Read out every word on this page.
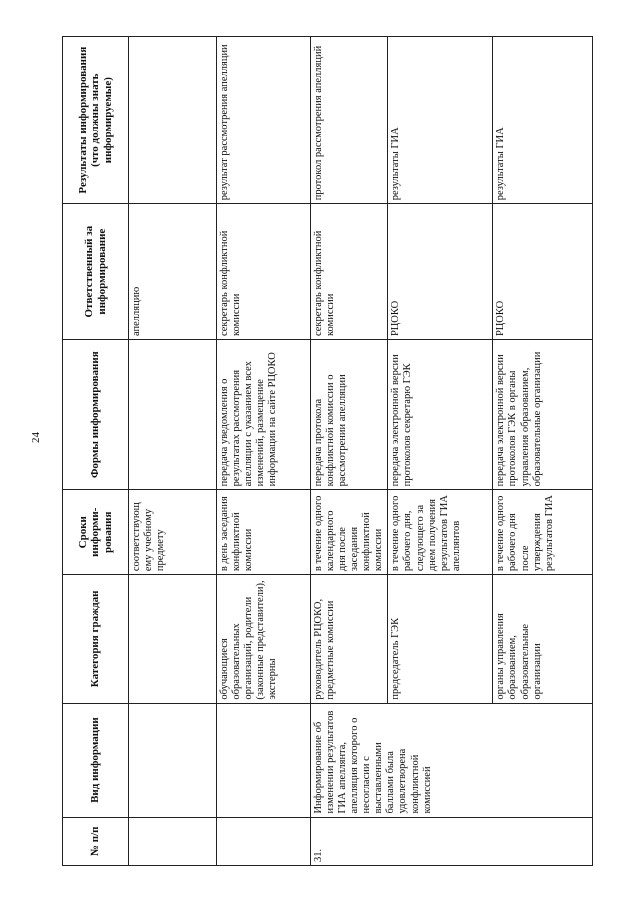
24
№ п/п	Вид информации	Категория граждан	Сроки информи-рования	Формы информирования	Ответственный за информирование	Результаты информирования (что должны знать информируемые)
			соответствующ ему учебному предмету		апелляцию	
		обучающиеся образовательных организаций, родители (законные представители), экстерны	в день заседания конфликтной комиссии	передача уведомления о результатах рассмотрения апелляции с указанием всех изменений, размещение информации на сайте РЦОКО	секретарь конфликтной комиссии	результат рассмотрения апелляции
31.	Информирование об изменении результатов ГИА апеллянта, апелляция которого о несогласии с выставленными баллами была удовлетворена конфликтной комиссией	руководитель РЦОКО, предметные комиссии	в течение одного календарного дня после заседания конфликтной комиссии	передача протокола конфликтной комиссии о рассмотрении апелляции	секретарь конфликтной комиссии	протокол рассмотрения апелляций
		председатель ГЭК	в течение одного рабочего дня, следующего за днем получения результатов ГИА апеллянтов	передача электронной версии протоколов секретарю ГЭК	РЦОКО	результаты ГИА
		органы управления образованием, образовательные организации	в течение одного рабочего дня после утверждения результатов ГИА	передача электронной версии протоколов ГЭК в органы управления образованием, образовательные организации	РЦОКО	результаты ГИА
